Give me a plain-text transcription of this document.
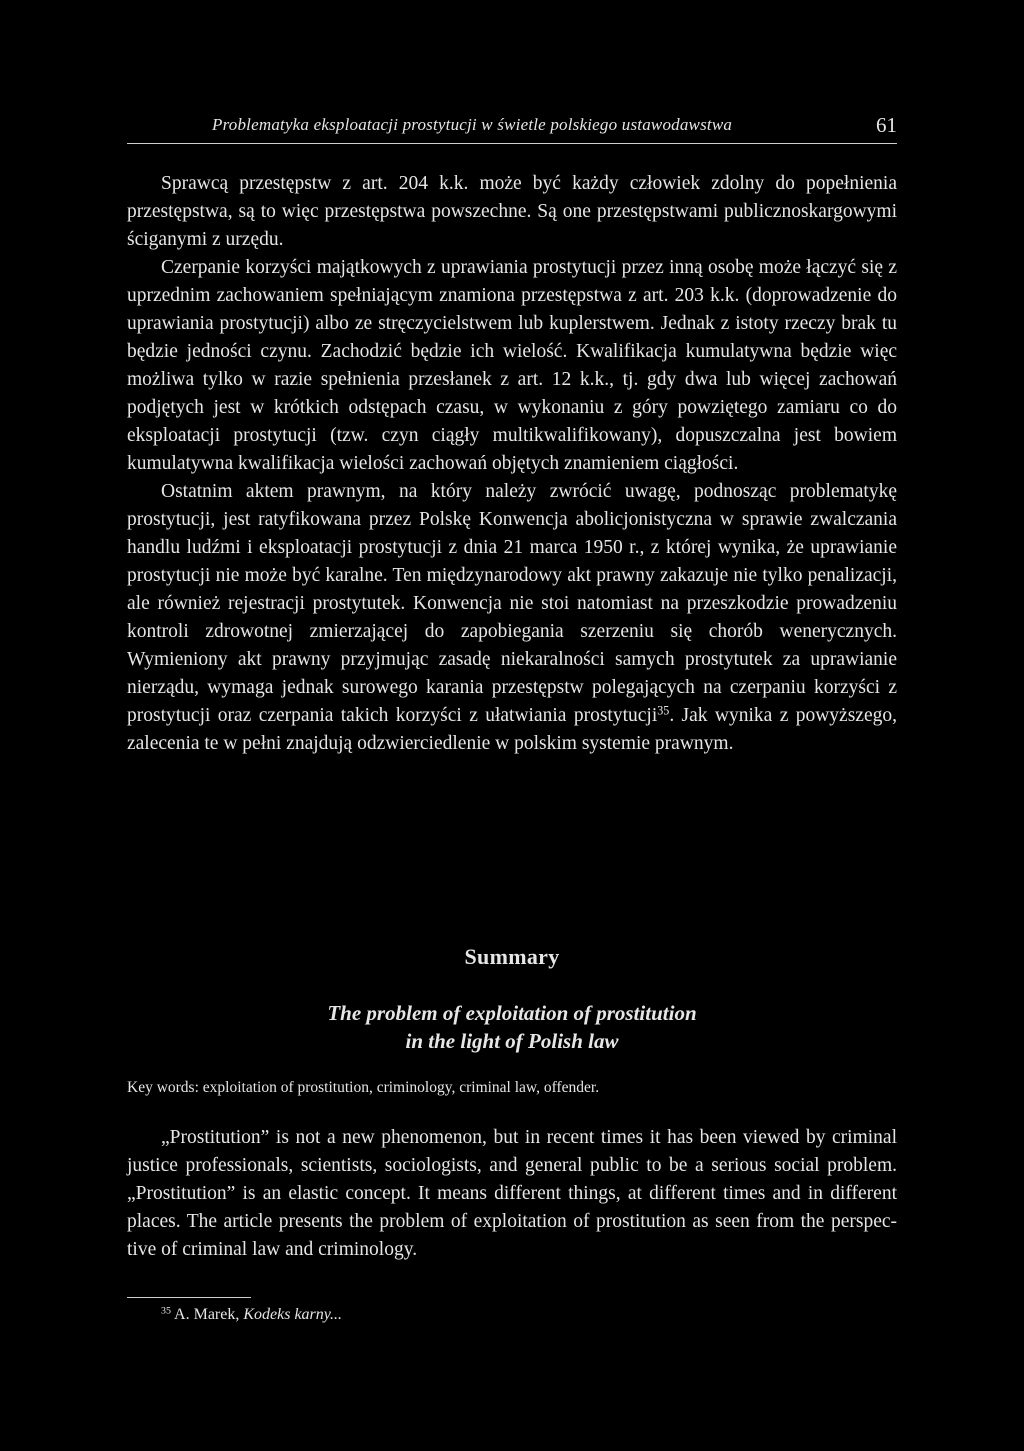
Problematyka eksploatacji prostytucji w świetle polskiego ustawodawstwa	61

Sprawcą przestępstw z art. 204 k.k. może być każdy człowiek zdolny do popełnienia przestępstwa, są to więc przestępstwa powszechne. Są one przestępstwami publicznoskargowymi ściganymi z urzędu.

Czerpanie korzyści majątkowych z uprawiania prostytucji przez inną osobę może łączyć się z uprzednim zachowaniem spełniającym znamiona przestępstwa z art. 203 k.k. (doprowadzenie do uprawiania prostytucji) albo ze stręczycielstwem lub kuplerstwem. Jednak z istoty rzeczy brak tu będzie jedności czynu. Zachodzić będzie ich wielość. Kwalifikacja kumulatywna będzie więc możliwa tylko w razie spełnienia przesłanek z art. 12 k.k., tj. gdy dwa lub więcej zachowań podjętych jest w krótkich odstępach czasu, w wykonaniu z góry powziętego zamiaru co do eksploatacji prostytucji (tzw. czyn ciągły multikwalifikowany), dopuszczalna jest bowiem kumulatywna kwalifikacja wielości zachowań objętych znamieniem ciągłości.

Ostatnim aktem prawnym, na który należy zwrócić uwagę, podnosząc problematykę prostytucji, jest ratyfikowana przez Polskę Konwencja abolicjonistyczna w sprawie zwalczania handlu ludźmi i eksploatacji prostytucji z dnia 21 marca 1950 r., z której wynika, że uprawianie prostytucji nie może być karalne. Ten międzynarodowy akt prawny zakazuje nie tylko penalizacji, ale również rejestracji prostytutek. Konwencja nie stoi natomiast na przeszkodzie prowadzeniu kontroli zdrowotnej zmierzającej do zapobiegania szerzeniu się chorób wenerycznych. Wymieniony akt prawny przyjmując zasadę niekaralności samych prostytutek za uprawianie nierządu, wymaga jednak surowego karania przestępstw polegających na czerpaniu korzyści z prostytucji oraz czerpania takich korzyści z ułatwiania prostytucji$^{35}$. Jak wynika z powyższego, zalecenia te w pełni znajdują odzwierciedlenie w polskim systemie prawnym.

Summary
The problem of exploitation of prostitution
in the light of Polish law
Key words: exploitation of prostitution, criminology, criminal law, offender.

„Prostitution” is not a new phenomenon, but in recent times it has been viewed by criminal justice professionals, scientists, sociologists, and general public to be a serious social problem. „Prostitution” is an elastic concept. It means different things, at different times and in different places. The article presents the problem of exploitation of prostitution as seen from the perspective of criminal law and criminology.

$^{35}$ A. Marek, Kodeks karny...
